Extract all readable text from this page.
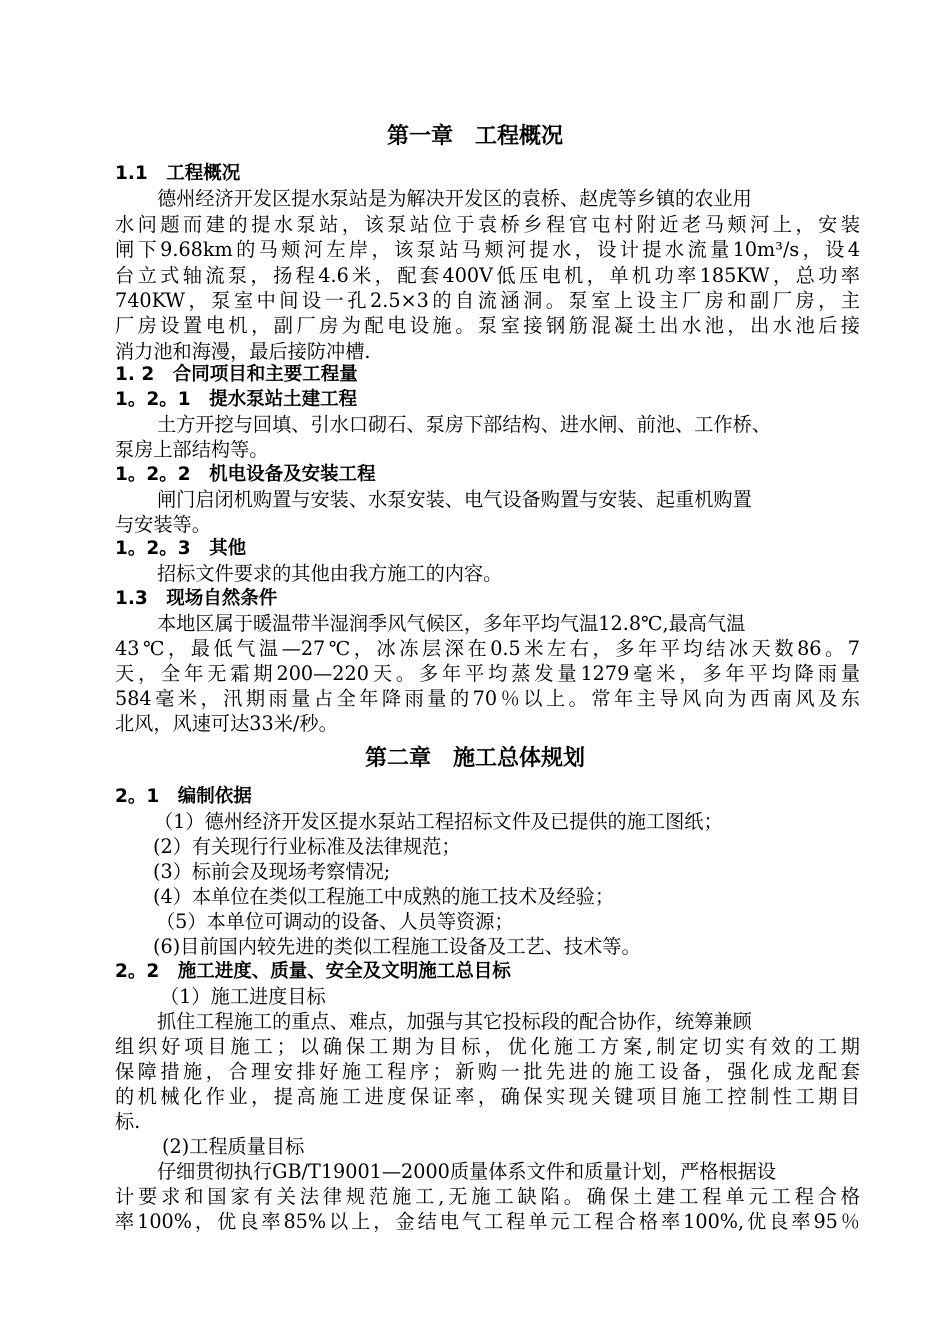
第一章　工程概况

1.1　工程概况

德州经济开发区提水泵站是为解决开发区的袁桥、赵虎等乡镇的农业用

水问题而建的提水泵站，该泵站位于袁桥乡程官屯村附近老马颊河上，安装

闸下9.68km的马颊河左岸，该泵站马颊河提水，设计提水流量10m³/s，设4

台立式轴流泵，扬程4.6米，配套400V低压电机，单机功率185KW，总功率

740KW，泵室中间设一孔2.5×3的自流涵洞。泵室上设主厂房和副厂房，主

厂房设置电机，副厂房为配电设施。泵室接钢筋混凝土出水池，出水池后接

消力池和海漫，最后接防冲槽.

1. 2　合同项目和主要工程量

1。2。1　提水泵站土建工程

土方开挖与回填、引水口砌石、泵房下部结构、进水闸、前池、工作桥、

泵房上部结构等。

1。2。2　机电设备及安装工程

闸门启闭机购置与安装、水泵安装、电气设备购置与安装、起重机购置

与安装等。

1。2。3　其他

招标文件要求的其他由我方施工的内容。

1.3　现场自然条件

本地区属于暖温带半湿润季风气候区，多年平均气温12.8℃,最高气温

43℃，最低气温—27℃，冰冻层深在0.5米左右，多年平均结冰天数86。7

天，全年无霜期200—220天。多年平均蒸发量1279毫米，多年平均降雨量

584毫米，汛期雨量占全年降雨量的70％以上。常年主导风向为西南风及东

北风，风速可达33米/秒。

第二章　施工总体规划

2。1　编制依据

（1）德州经济开发区提水泵站工程招标文件及已提供的施工图纸；

(2）有关现行行业标准及法律规范；

(3）标前会及现场考察情况;

(4）本单位在类似工程施工中成熟的施工技术及经验；

（5）本单位可调动的设备、人员等资源；

(6)目前国内较先进的类似工程施工设备及工艺、技术等。

2。2　施工进度、质量、安全及文明施工总目标

（1）施工进度目标

抓住工程施工的重点、难点，加强与其它投标段的配合协作，统筹兼顾

组织好项目施工；以确保工期为目标，优化施工方案,制定切实有效的工期

保障措施，合理安排好施工程序；新购一批先进的施工设备，强化成龙配套

的机械化作业，提高施工进度保证率，确保实现关键项目施工控制性工期目

标.

(2)工程质量目标

仔细贯彻执行GB/T19001—2000质量体系文件和质量计划，严格根据设

计要求和国家有关法律规范施工,无施工缺陷。确保土建工程单元工程合格

率100%，优良率85%以上，金结电气工程单元工程合格率100%,优良率95％
